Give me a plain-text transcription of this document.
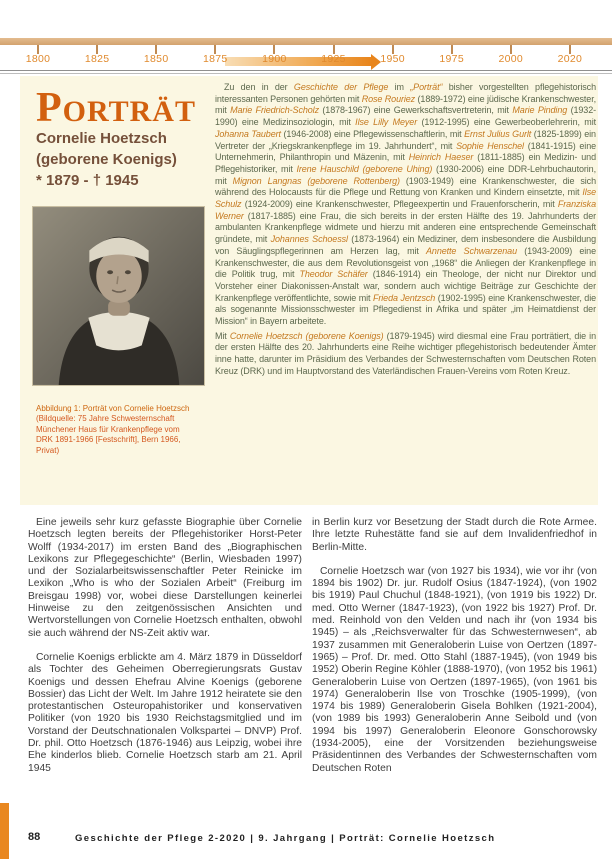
1800	1825	1850	1875	1900	1925	1950	1975	2000	2020
PORTRÄT
Cornelie Hoetzsch
(geborene Koenigs)
* 1879 - † 1945
Abbildung 1: Porträt von Cornelie Hoetzsch (Bildquelle: 75 Jahre Schwesternschaft Münchener Haus für Krankenpflege vom DRK 1891-1966 [Festschrift], Bern 1966, Privat)

Zu den in der Geschichte der Pflege im „Porträt“ bisher vorgestellten pflegehistorisch interessanten Personen gehörten mit Rose Rouriez (1889-1972) eine jüdische Krankenschwester, mit Marie Friedrich-Scholz (1878-1967) eine Gewerkschaftsvertreterin, mit Marie Pinding (1932-1990) eine Medizinsoziologin, mit Ilse Lilly Meyer (1912-1995) eine Gewerbeoberlehrerin, mit Johanna Taubert (1946-2008) eine Pflegewissenschaftlerin, mit Ernst Julius Gurlt (1825-1899) ein Vertreter der „Kriegskrankenpflege im 19. Jahrhundert“, mit Sophie Henschel (1841-1915) eine Unternehmerin, Philanthropin und Mäzenin, mit Heinrich Haeser (1811-1885) ein Medizin- und Pflegehistoriker, mit Irene Hauschild (geborene Uhing) (1930-2006) eine DDR-Lehrbuchautorin, mit Mignon Langnas (geborene Rottenberg) (1903-1949) eine Krankenschwester, die sich während des Holocausts für die Pflege und Rettung von Kranken und Kindern einsetzte, mit Ilse Schulz (1924-2009) eine Krankenschwester, Pflegeexpertin und Frauenforscherin, mit Franziska Werner (1817-1885) eine Frau, die sich bereits in der ersten Hälfte des 19. Jahrhunderts der ambulanten Krankenpflege widmete und hierzu mit anderen eine entsprechende Gemeinschaft gründete, mit Johannes Schoessl (1873-1964) ein Mediziner, dem insbesondere die Ausbildung von Säuglingspflegerinnen am Herzen lag, mit Annette Schwarzenau (1943-2009) eine Krankenschwester, die aus dem Revolutionsgeist von „1968“ die Anliegen der Krankenpflege in die Politik trug, mit Theodor Schäfer (1846-1914) ein Theologe, der nicht nur Direktor und Vorsteher einer Diakonissen-Anstalt war, sondern auch wichtige Beiträge zur Geschichte der Krankenpflege veröffentlichte, sowie mit Frieda Jentzsch (1902-1995) eine Krankenschwester, die als sogenannte Missionsschwester im Pflegedienst in Afrika und später „im Heimatdienst der Mission“ in Bayern arbeitete.

Mit Cornelie Hoetzsch (geborene Koenigs) (1879-1945) wird diesmal eine Frau porträtiert, die in der ersten Hälfte des 20. Jahrhunderts eine Reihe wichtiger pflegehistorisch bedeutender Ämter inne hatte, darunter im Präsidium des Verbandes der Schwesternschaften vom Deutschen Roten Kreuz (DRK) und im Hauptvorstand des Vaterländischen Frauen-Vereins vom Roten Kreuz.

Eine jeweils sehr kurz gefasste Biographie über Cornelie Hoetzsch legten bereits der Pflegehistoriker Horst-Peter Wolff (1934-2017) im ersten Band des „Biographischen Lexikons zur Pflegegeschichte“ (Berlin, Wiesbaden 1997) und der Sozialarbeitswissenschaftler Peter Reinicke im Lexikon „Who is who der Sozialen Arbeit“ (Freiburg im Breisgau 1998) vor, wobei diese Darstellungen keinerlei Hinweise zu den zeitgenössischen Ansichten und Wertvorstellungen von Cornelie Hoetzsch enthalten, obwohl sie auch während der NS-Zeit aktiv war.

Cornelie Koenigs erblickte am 4. März 1879 in Düsseldorf als Tochter des Geheimen Oberregierungsrats Gustav Koenigs und dessen Ehefrau Alvine Koenigs (geborene Bossier) das Licht der Welt. Im Jahre 1912 heiratete sie den protestantischen Osteuropahistoriker und konservativen Politiker (von 1920 bis 1930 Reichstagsmitglied und im Vorstand der Deutschnationalen Volkspartei – DNVP) Prof. Dr. phil. Otto Hoetzsch (1876-1946) aus Leipzig, wobei ihre Ehe kinderlos blieb. Cornelie Hoetzsch starb am 21. April 1945

in Berlin kurz vor Besetzung der Stadt durch die Rote Armee. Ihre letzte Ruhestätte fand sie auf dem Invalidenfriedhof in Berlin-Mitte.

Cornelie Hoetzsch war (von 1927 bis 1934), wie vor ihr (von 1894 bis 1902) Dr. jur. Rudolf Osius (1847-1924), (von 1902 bis 1919) Paul Chuchul (1848-1921), (von 1919 bis 1922) Dr. med. Otto Werner (1847-1923), (von 1922 bis 1927) Prof. Dr. med. Reinhold von den Velden und nach ihr (von 1934 bis 1945) – als „Reichsverwalter für das Schwesternwesen“, ab 1937 zusammen mit Generaloberin Luise von Oertzen (1897-1965) – Prof. Dr. med. Otto Stahl (1887-1945), (von 1949 bis 1952) Oberin Regine Köhler (1888-1970), (von 1952 bis 1961) Generaloberin Luise von Oertzen (1897-1965), (von 1961 bis 1974) Generaloberin Ilse von Troschke (1905-1999), (von 1974 bis 1989) Generaloberin Gisela Bohlken (1921-2004), (von 1989 bis 1993) Generaloberin Anne Seibold und (von 1994 bis 1997) Generaloberin Eleonore Gonschorowsky (1934-2005), eine der Vorsitzenden beziehungsweise Präsidentinnen des Verbandes der Schwesternschaften vom Deutschen Roten

88	Geschichte der Pflege 2-2020 | 9. Jahrgang | Porträt: Cornelie Hoetzsch
